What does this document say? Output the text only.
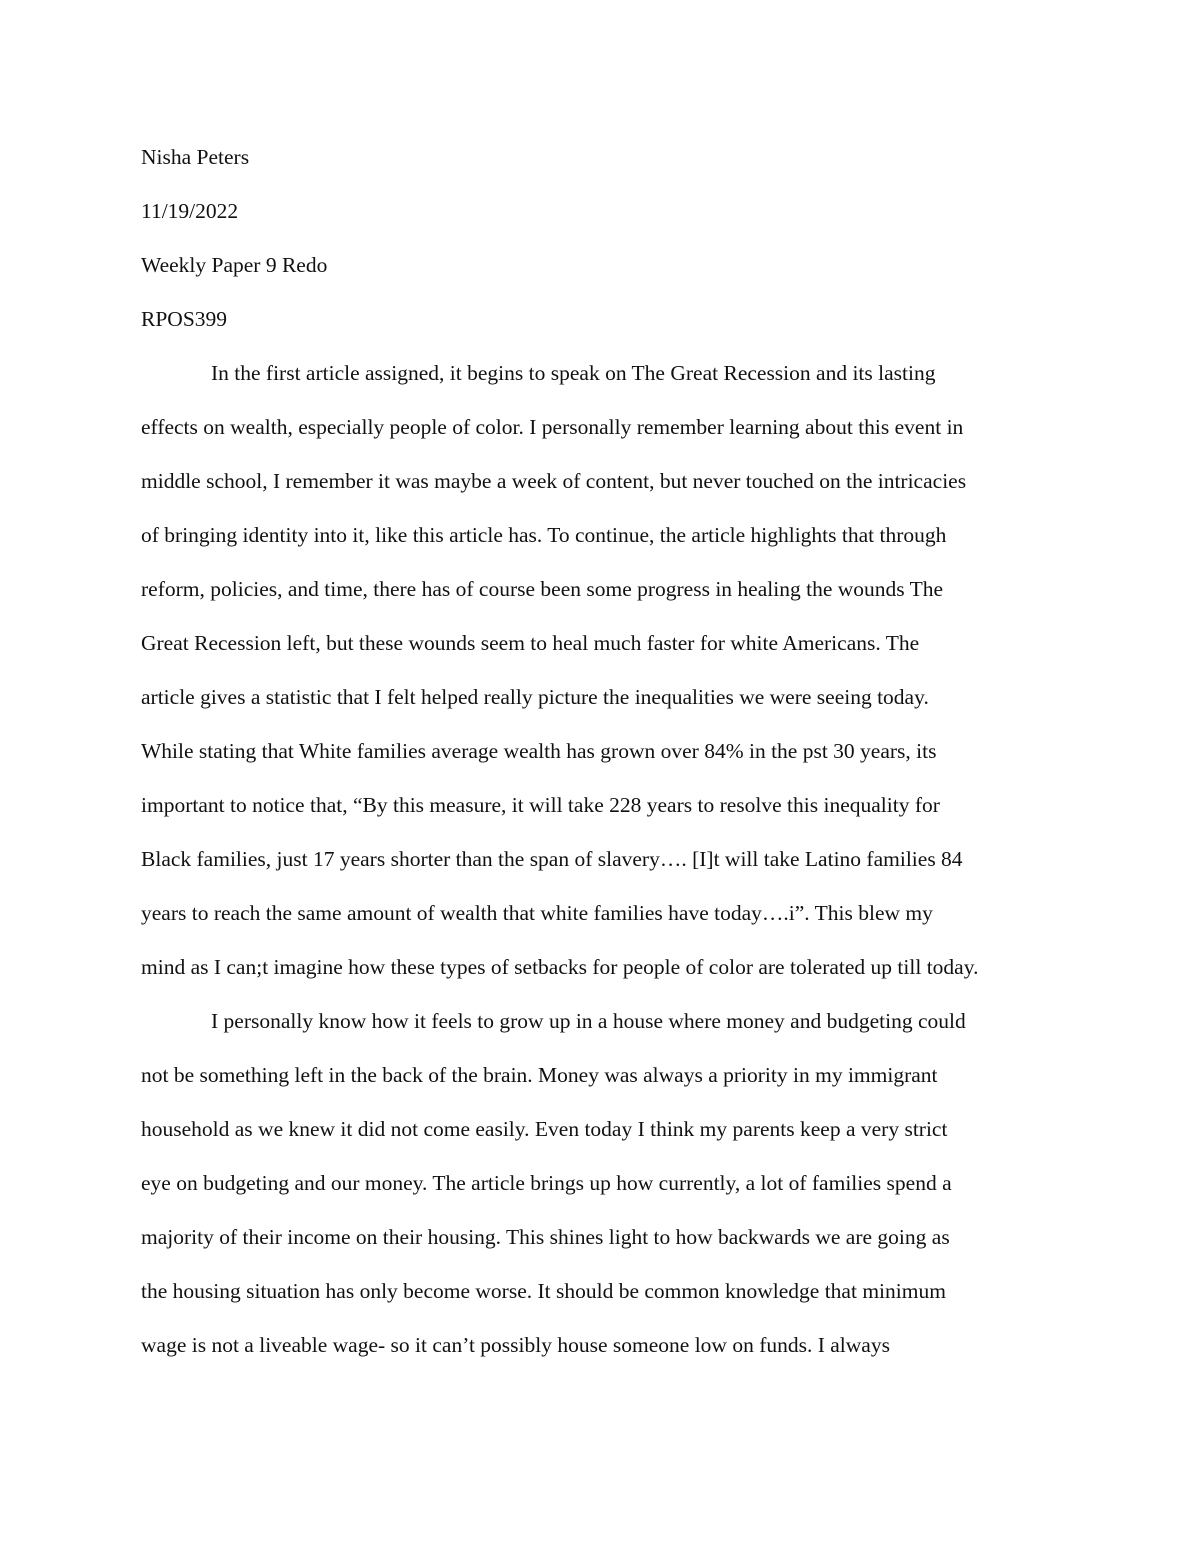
Nisha Peters
11/19/2022
Weekly Paper 9 Redo
RPOS399
In the first article assigned, it begins to speak on The Great Recession and its lasting
effects on wealth, especially people of color. I personally remember learning about this event in
middle school, I remember it was maybe a week of content, but never touched on the intricacies
of bringing identity into it, like this article has. To continue, the article highlights that through
reform, policies, and time, there has of course been some progress in healing the wounds The
Great Recession left, but these wounds seem to heal much faster for white Americans. The
article gives a statistic that I felt helped really picture the inequalities we were seeing today.
While stating that White families average wealth has grown over 84% in the pst 30 years, its
important to notice that, “By this measure, it will take 228 years to resolve this inequality for
Black families, just 17 years shorter than the span of slavery…. [I]t will take Latino families 84
years to reach the same amount of wealth that white families have today….i”. This blew my
mind as I can;t imagine how these types of setbacks for people of color are tolerated up till today.
I personally know how it feels to grow up in a house where money and budgeting could
not be something left in the back of the brain. Money was always a priority in my immigrant
household as we knew it did not come easily. Even today I think my parents keep a very strict
eye on budgeting and our money. The article brings up how currently, a lot of families spend a
majority of their income on their housing. This shines light to how backwards we are going as
the housing situation has only become worse. It should be common knowledge that minimum
wage is not a liveable wage- so it can’t possibly house someone low on funds. I always
